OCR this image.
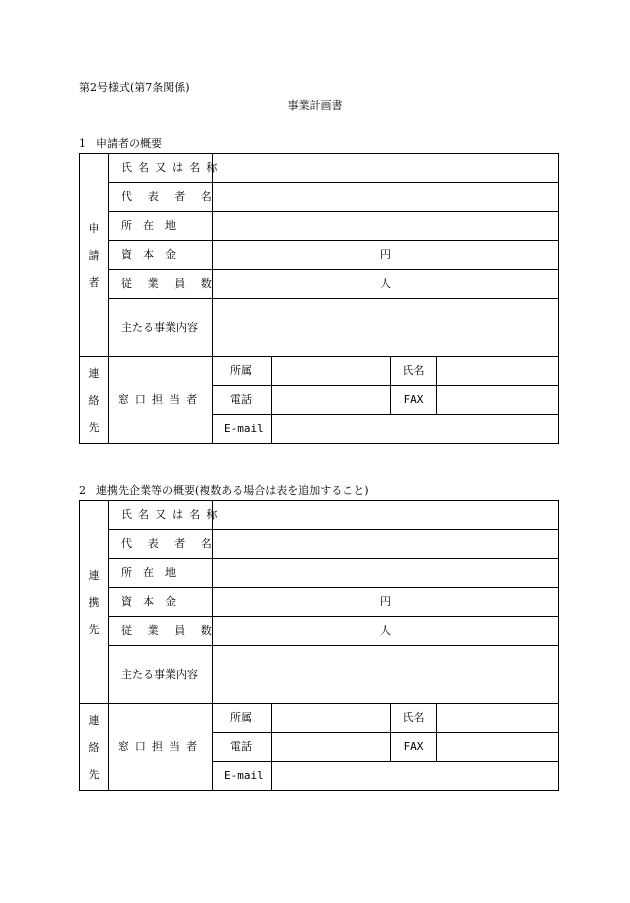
第2号様式(第7条関係)
事業計画書
1 申請者の概要
申
請
者	氏名又は名称				
	代 表 者 名				
	所　在　地				
	資　本　金	円			
	従 業 員 数	人			
	主たる事業内容				

連
絡
先	窓口担当者	所属		氏名	
		電話		FAX	
		E-mail			
2 連携先企業等の概要(複数ある場合は表を追加すること)
連
携
先	氏名又は名称				
	代 表 者 名				
	所　在　地				
	資　本　金	円			
	従 業 員 数	人			
	主たる事業内容				

連
絡
先	窓口担当者	所属		氏名	
		電話		FAX	
		E-mail			
